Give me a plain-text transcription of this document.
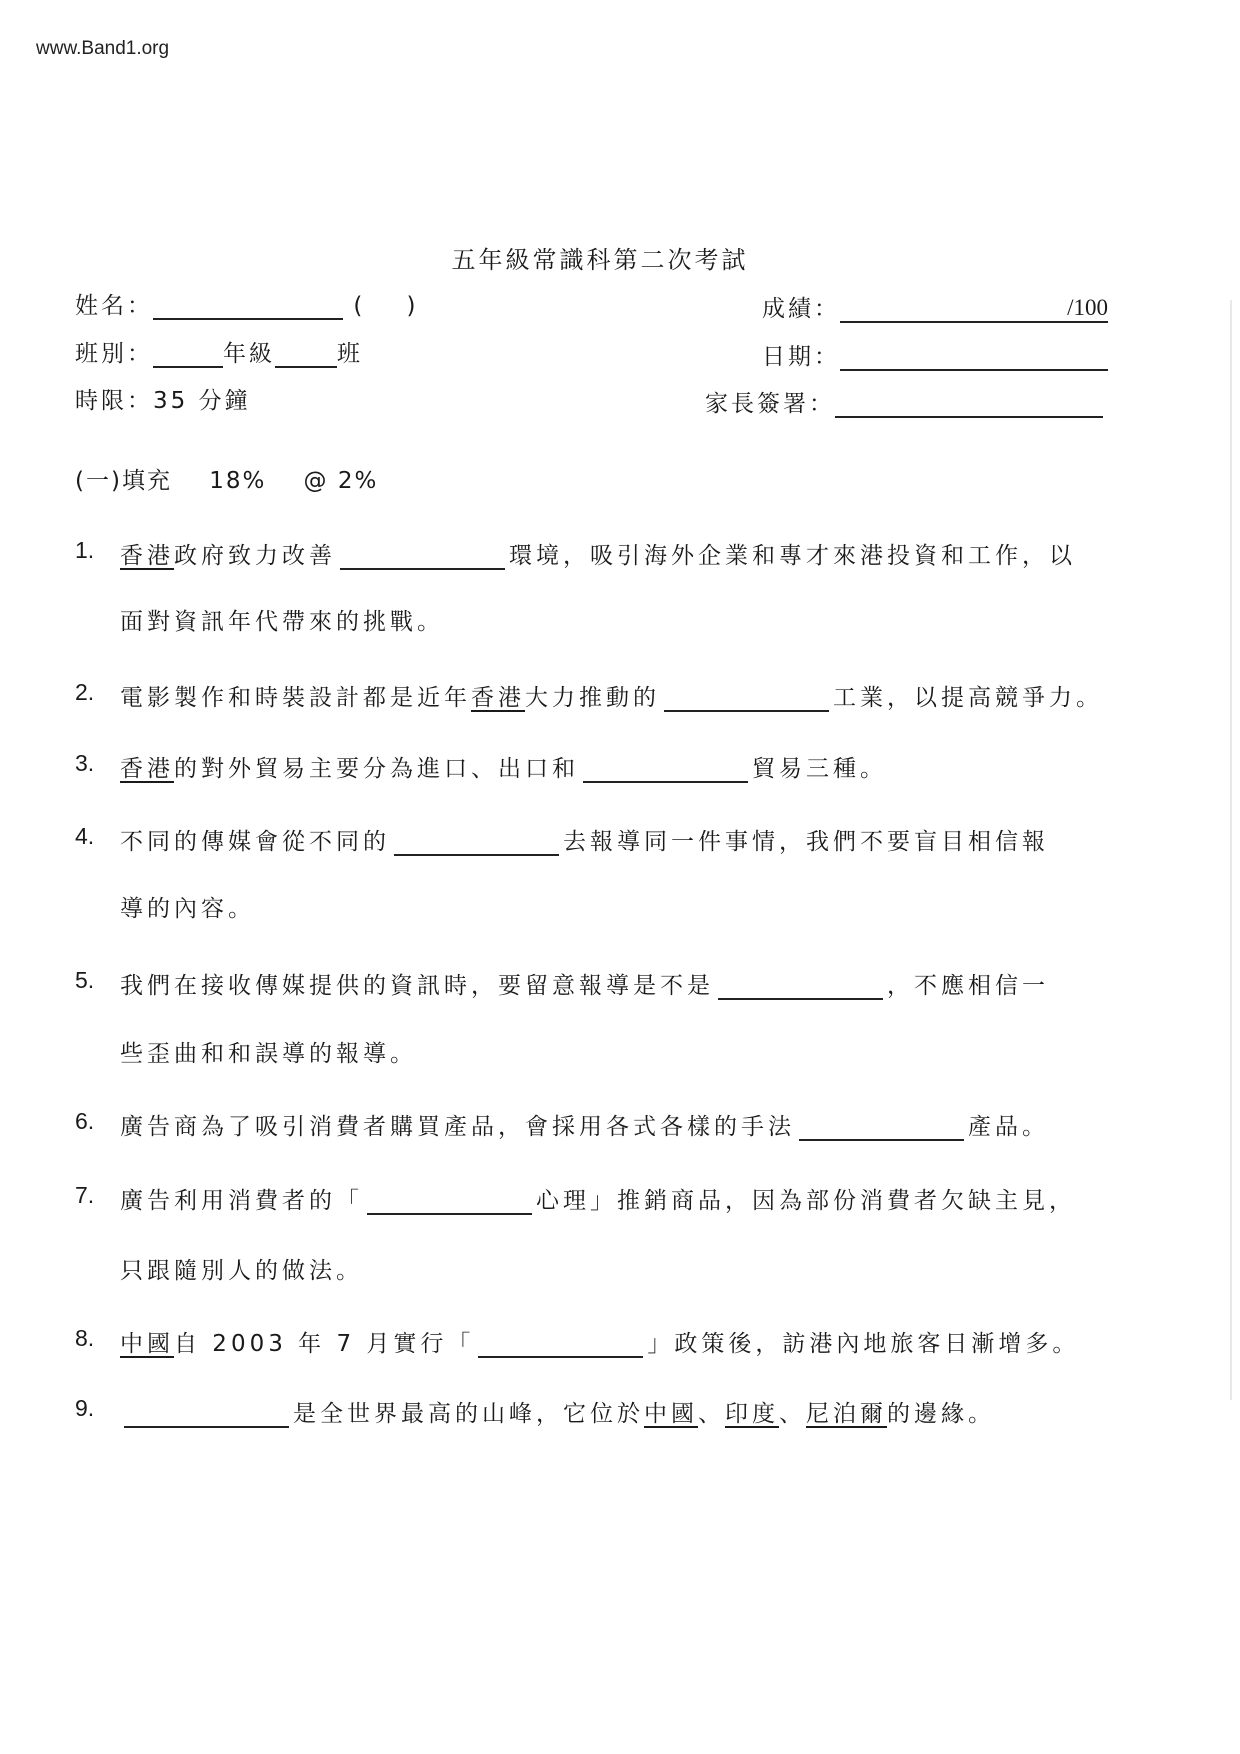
www.Band1.org
五年級常識科第二次考試
姓名：	(    )
班別：	年級	班
時限：35 分鐘
成績：	/100
日期：
家長簽署：
(一)填充    18%    @ 2%
1. 香港政府致力改善	環境，吸引海外企業和專才來港投資和工作，以
面對資訊年代帶來的挑戰。
2. 電影製作和時裝設計都是近年香港大力推動的	工業，以提高競爭力。
3. 香港的對外貿易主要分為進口、出口和	貿易三種。
4. 不同的傳媒會從不同的	去報導同一件事情，我們不要盲目相信報
導的內容。
5. 我們在接收傳媒提供的資訊時，要留意報導是不是	，不應相信一
些歪曲和和誤導的報導。
6. 廣告商為了吸引消費者購買產品，會採用各式各樣的手法	產品。
7. 廣告利用消費者的「	心理」推銷商品，因為部份消費者欠缺主見，
只跟隨別人的做法。
8. 中國自 2003 年 7 月實行「	」政策後，訪港內地旅客日漸增多。
9.	是全世界最高的山峰，它位於中國、印度、尼泊爾的邊緣。
